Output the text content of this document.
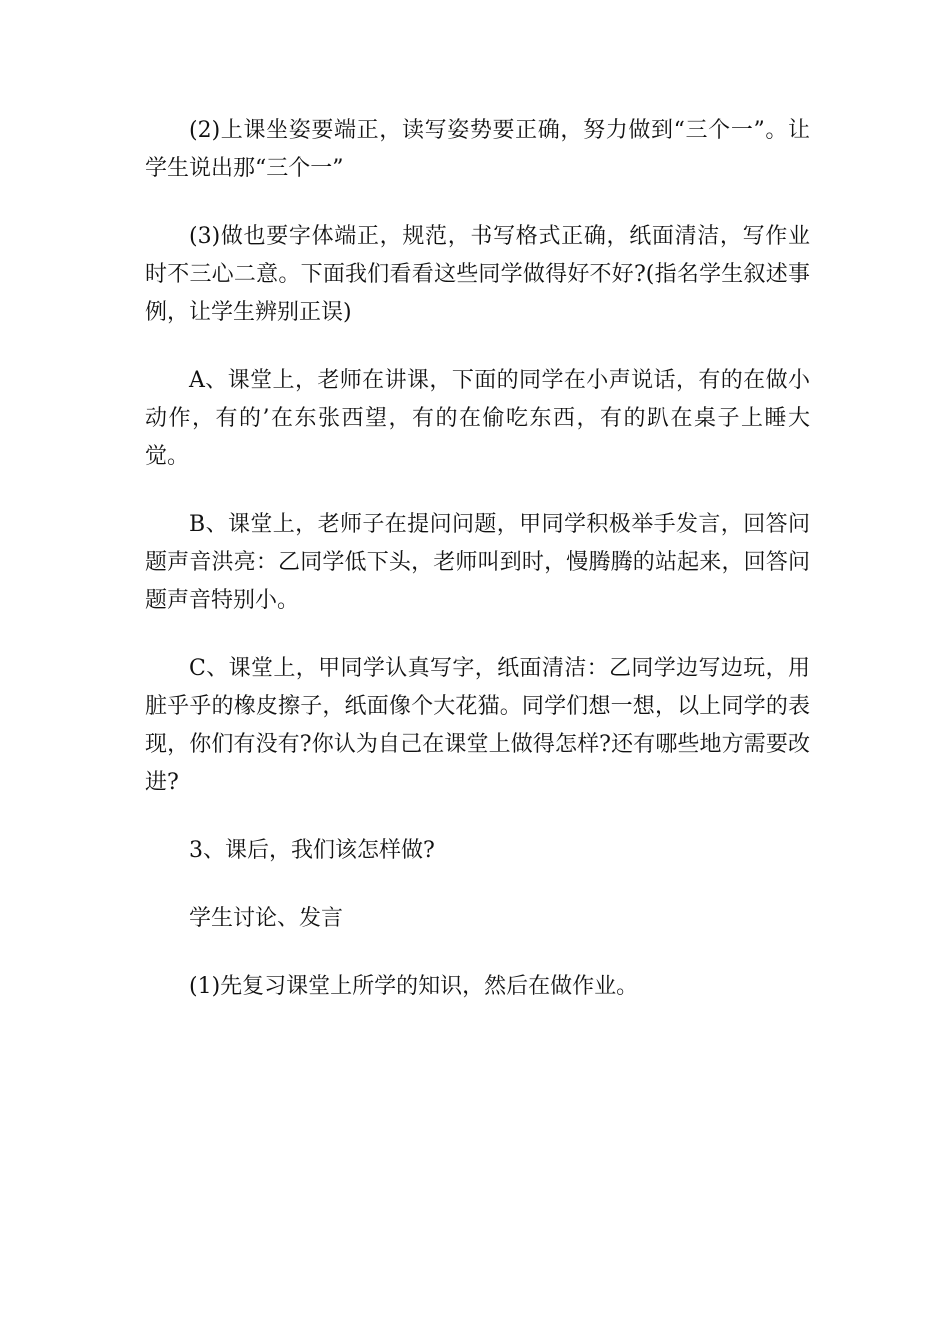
(2)上课坐姿要端正，读写姿势要正确，努力做到“三个一”。让学生说出那“三个一”

(3)做也要字体端正，规范，书写格式正确，纸面清洁，写作业时不三心二意。下面我们看看这些同学做得好不好?(指名学生叙述事例，让学生辨别正误)

A、课堂上，老师在讲课，下面的同学在小声说话，有的在做小动作，有的’在东张西望，有的在偷吃东西，有的趴在桌子上睡大觉。

B、课堂上，老师子在提问问题，甲同学积极举手发言，回答问题声音洪亮：乙同学低下头，老师叫到时，慢腾腾的站起来，回答问题声音特别小。

C、课堂上，甲同学认真写字，纸面清洁：乙同学边写边玩，用脏乎乎的橡皮擦子，纸面像个大花猫。同学们想一想，以上同学的表现，你们有没有?你认为自己在课堂上做得怎样?还有哪些地方需要改进?

3、课后，我们该怎样做?

学生讨论、发言

(1)先复习课堂上所学的知识，然后在做作业。
